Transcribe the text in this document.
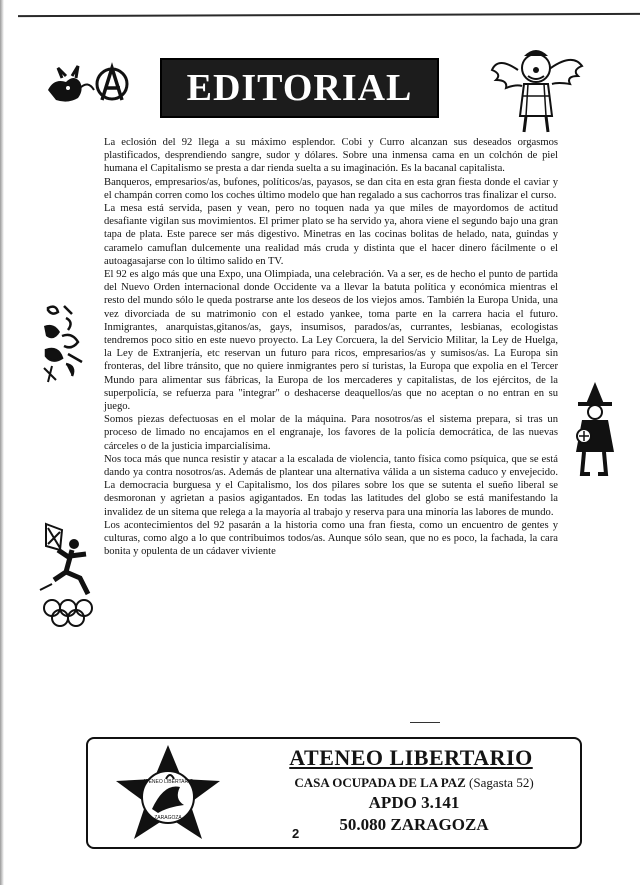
EDITORIAL

La eclosión del 92 llega a su máximo esplendor. Cobi y Curro alcanzan sus deseados orgasmos plastificados, desprendiendo sangre, sudor y dólares. Sobre una inmensa cama en un colchón de piel humana el Capitalismo se presta a dar rienda suelta a su imaginación. Es la bacanal capitalista.

Banqueros, empresarios/as, bufones, políticos/as, payasos, se dan cita en esta gran fiesta donde el caviar y el champán corren como los coches último modelo que han regalado a sus cachorros tras finalizar el curso.

La mesa está servida, pasen y vean, pero no toquen nada ya que miles de mayordomos de actitud desafiante vigilan sus movimientos. El primer plato se ha servido ya, ahora viene el segundo bajo una gran tapa de plata. Este parece ser más digestivo. Minetras en las cocinas bolitas de helado, nata, guindas y caramelo camuflan dulcemente una realidad más cruda y distinta que el hacer dinero fácilmente o el autoagasajarse con lo último salido en TV.

El 92 es algo más que una Expo, una Olimpiada, una celebración. Va a ser, es de hecho el punto de partida del Nuevo Orden internacional donde Occidente va a llevar la batuta política y económica mientras el resto del mundo sólo le queda postrarse ante los deseos de los viejos amos. También la Europa Unida, una vez divorciada de su matrimonio con el estado yankee, toma parte en la carrera hacia el futuro. Inmigrantes, anarquistas,gitanos/as, gays, insumisos, parados/as, currantes, lesbianas, ecologistas tendremos poco sitio en este nuevo proyecto. La Ley Corcuera, la del Servicio Militar, la Ley de Huelga, la Ley de Extranjería, etc reservan un futuro para ricos, empresarios/as y sumisos/as. La Europa sin fronteras, del libre tránsito, que no quiere inmigrantes pero sí turistas, la Europa que expolia en el Tercer Mundo para alimentar sus fábricas, la Europa de los mercaderes y capitalistas, de los ejércitos, de la superpolicía, se refuerza para "integrar" o deshacerse deaquellos/as que no aceptan o no entran en su juego.

Somos piezas defectuosas en el molar de la máquina. Para nosotros/as el sistema prepara, si tras un proceso de limado no encajamos en el engranaje, los favores de la policía democrática, de las nuevas cárceles o de la justicia imparcialísima.

Nos toca más que nunca resistir y atacar a la escalada de violencia, tanto física como psíquica, que se está dando ya contra nosotros/as. Además de plantear una alternativa válida a un sistema caduco y envejecido. La democracia burguesa y el Capitalismo, los dos pilares sobre los que se sutenta el sueño liberal se desmoronan y agrietan a pasios agigantados. En todas las latitudes del globo se está manifestando la invalidez de un sitema que relega a la mayoría al trabajo y reserva para una minoría las labores de mundo.

Los acontecimientos del 92 pasarán a la historia como una fran fiesta, como un encuentro de gentes y culturas, como algo a lo que contribuimos todos/as. Aunque sólo sean, que no es poco, la fachada, la cara bonita y opulenta de un cádaver viviente

ATENEO LIBERTARIO
ZARAGOZA
ATENEO LIBERTARIO
CASA OCUPADA DE LA PAZ (Sagasta 52)
APDO 3.141
50.080 ZARAGOZA
2
